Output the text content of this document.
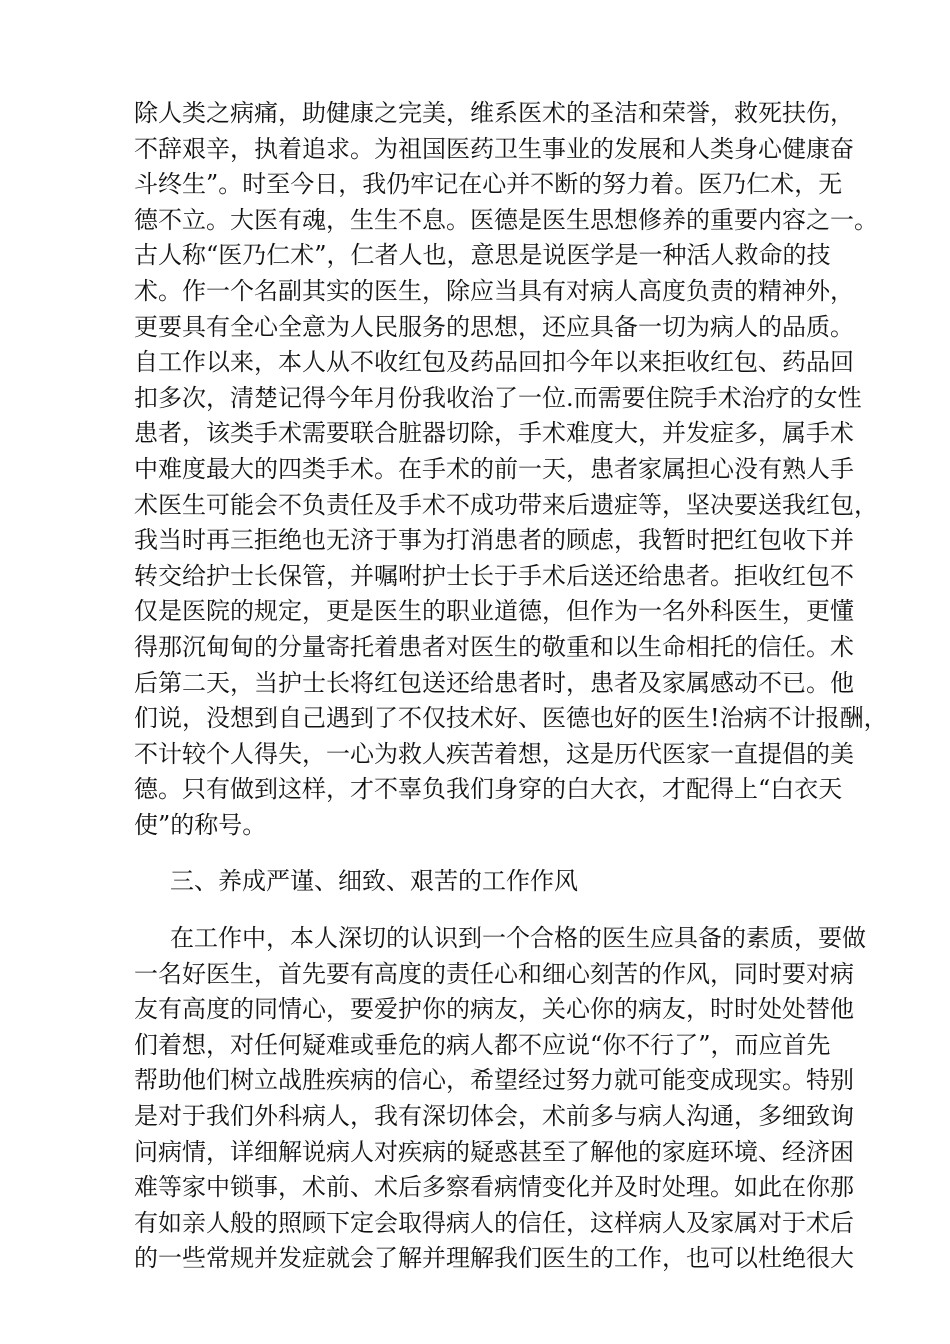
除人类之病痛，助健康之完美，维系医术的圣洁和荣誉，救死扶伤，
不辞艰辛，执着追求。为祖国医药卫生事业的发展和人类身心健康奋
斗终生”。时至今日，我仍牢记在心并不断的努力着。医乃仁术，无
德不立。大医有魂，生生不息。医德是医生思想修养的重要内容之一。
古人称“医乃仁术”，仁者人也，意思是说医学是一种活人救命的技
术。作一个名副其实的医生，除应当具有对病人高度负责的精神外，
更要具有全心全意为人民服务的思想，还应具备一切为病人的品质。
自工作以来，本人从不收红包及药品回扣今年以来拒收红包、药品回
扣多次，清楚记得今年月份我收治了一位.而需要住院手术治疗的女性
患者，该类手术需要联合脏器切除，手术难度大，并发症多，属手术
中难度最大的四类手术。在手术的前一天，患者家属担心没有熟人手
术医生可能会不负责任及手术不成功带来后遗症等，坚决要送我红包，
我当时再三拒绝也无济于事为打消患者的顾虑，我暂时把红包收下并
转交给护士长保管，并嘱咐护士长于手术后送还给患者。拒收红包不
仅是医院的规定，更是医生的职业道德，但作为一名外科医生，更懂
得那沉甸甸的分量寄托着患者对医生的敬重和以生命相托的信任。术
后第二天，当护士长将红包送还给患者时，患者及家属感动不已。他
们说，没想到自己遇到了不仅技术好、医德也好的医生!治病不计报酬，
不计较个人得失，一心为救人疾苦着想，这是历代医家一直提倡的美
德。只有做到这样，才不辜负我们身穿的白大衣，才配得上“白衣天
使”的称号。
三、养成严谨、细致、艰苦的工作作风
在工作中，本人深切的认识到一个合格的医生应具备的素质，要做
一名好医生，首先要有高度的责任心和细心刻苦的作风，同时要对病
友有高度的同情心，要爱护你的病友，关心你的病友，时时处处替他
们着想，对任何疑难或垂危的病人都不应说“你不行了”，而应首先
帮助他们树立战胜疾病的信心，希望经过努力就可能变成现实。特别
是对于我们外科病人，我有深切体会，术前多与病人沟通，多细致询
问病情，详细解说病人对疾病的疑惑甚至了解他的家庭环境、经济困
难等家中锁事，术前、术后多察看病情变化并及时处理。如此在你那
有如亲人般的照顾下定会取得病人的信任，这样病人及家属对于术后
的一些常规并发症就会了解并理解我们医生的工作，也可以杜绝很大
